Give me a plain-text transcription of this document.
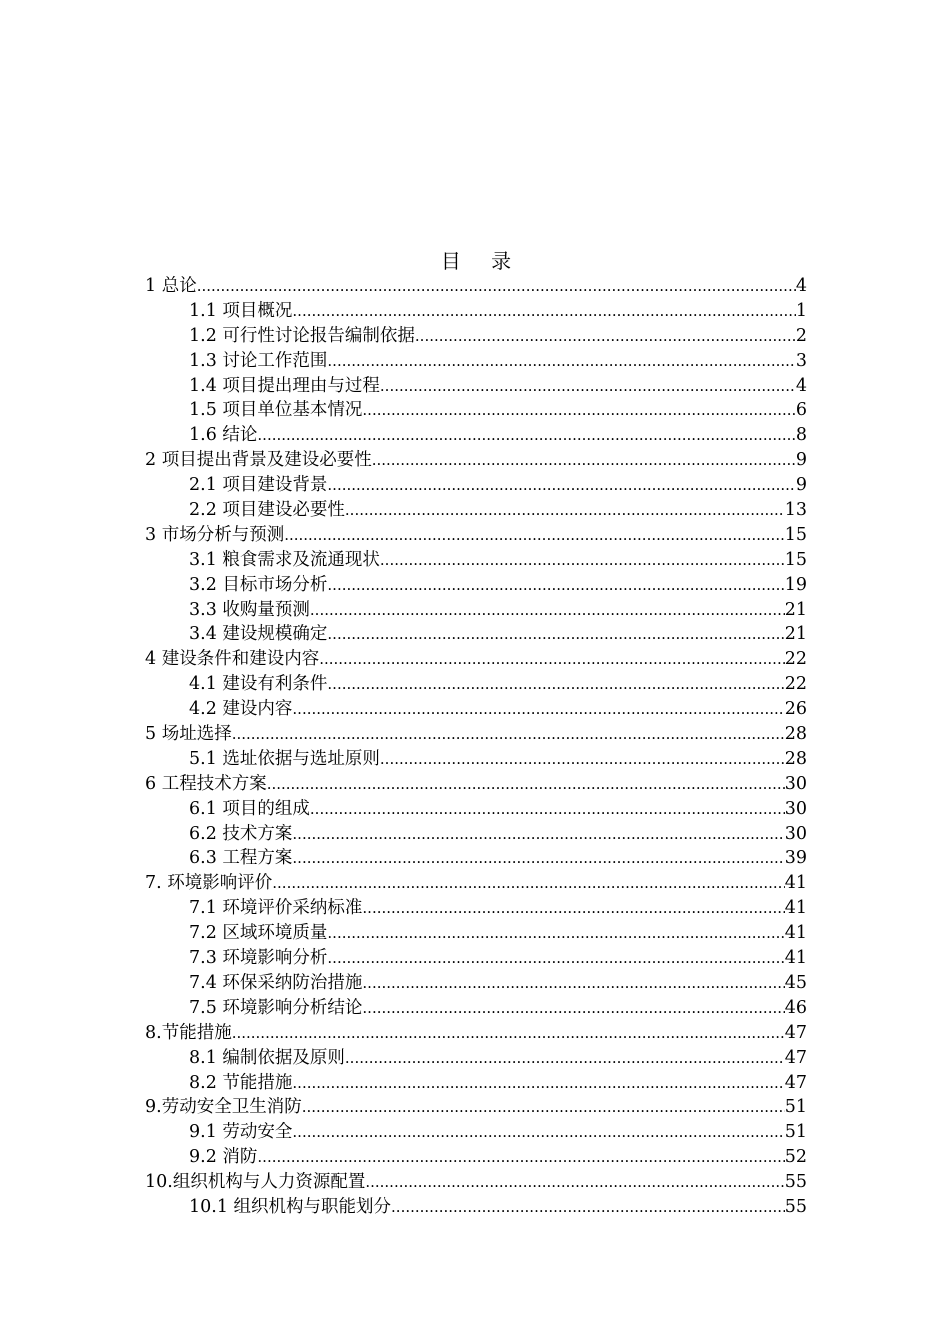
目 录
1 总论 .....	4
1.1 项目概况 .....	1
1.2 可行性讨论报告编制依据 .....	2
1.3 讨论工作范围 .....	3
1.4 项目提出理由与过程 .....	4
1.5 项目单位基本情况 .....	6
1.6 结论 .....	8
2 项目提出背景及建设必要性 .....	9
2.1 项目建设背景 .....	9
2.2 项目建设必要性 .....	13
3 市场分析与预测 .....	15
3.1 粮食需求及流通现状 .....	15
3.2 目标市场分析 .....	19
3.3 收购量预测 .....	21
3.4 建设规模确定 .....	21
4 建设条件和建设内容 .....	22
4.1 建设有利条件 .....	22
4.2 建设内容 .....	26
5 场址选择 .....	28
5.1 选址依据与选址原则 .....	28
6 工程技术方案 .....	30
6.1 项目的组成 .....	30
6.2 技术方案 .....	30
6.3 工程方案 .....	39
7. 环境影响评价 .....	41
7.1 环境评价采纳标准 .....	41
7.2 区域环境质量 .....	41
7.3 环境影响分析 .....	41
7.4 环保采纳防治措施 .....	45
7.5 环境影响分析结论 .....	46
8.节能措施 .....	47
8.1 编制依据及原则 .....	47
8.2 节能措施 .....	47
9.劳动安全卫生消防 .....	51
9.1 劳动安全 .....	51
9.2 消防 .....	52
10.组织机构与人力资源配置 .....	55
10.1 组织机构与职能划分 .....	55
